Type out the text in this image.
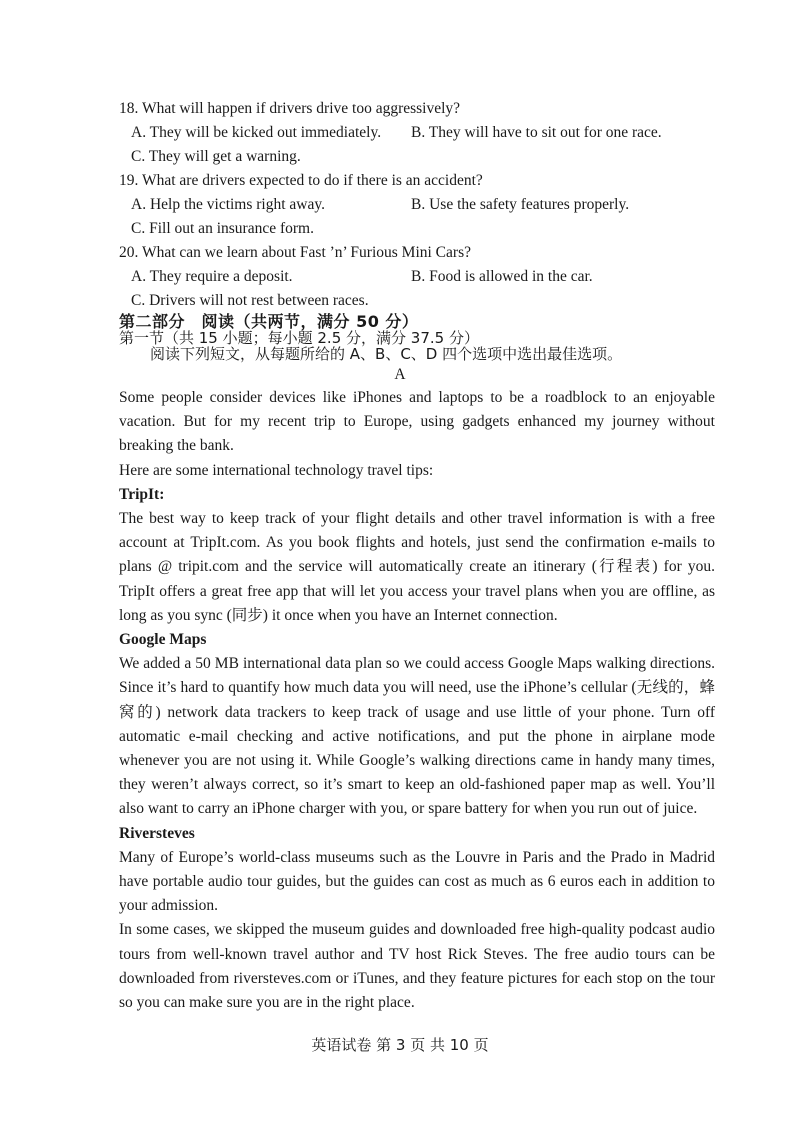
18. What will happen if drivers drive too aggressively?
A. They will be kicked out immediately. B. They will have to sit out for one race.
C. They will get a warning.
19. What are drivers expected to do if there is an accident?
A. Help the victims right away.	B. Use the safety features properly.
C. Fill out an insurance form.
20. What can we learn about Fast ’n’ Furious Mini Cars?
A. They require a deposit.	B. Food is allowed in the car.
C. Drivers will not rest between races.
第二部分　阅读（共两节，满分 50 分）
第一节（共 15 小题；每小题 2.5 分，满分 37.5 分）
阅读下列短文，从每题所给的 A、B、C、D 四个选项中选出最佳选项。
A

Some people consider devices like iPhones and laptops to be a roadblock to an enjoyable vacation. But for my recent trip to Europe, using gadgets enhanced my journey without breaking the bank.

Here are some international technology travel tips:

TripIt:

The best way to keep track of your flight details and other travel information is with a free account at TripIt.com. As you book flights and hotels, just send the confirmation e-mails to plans @ tripit.com and the service will automatically create an itinerary (行程表) for you. TripIt offers a great free app that will let you access your travel plans when you are offline, as long as you sync (同步) it once when you have an Internet connection.

Google Maps

We added a 50 MB international data plan so we could access Google Maps walking directions. Since it’s hard to quantify how much data you will need, use the iPhone’s cellular (无线的，蜂窝的) network data trackers to keep track of usage and use little of your phone. Turn off automatic e-mail checking and active notifications, and put the phone in airplane mode whenever you are not using it. While Google’s walking directions came in handy many times, they weren’t always correct, so it’s smart to keep an old-fashioned paper map as well. You’ll also want to carry an iPhone charger with you, or spare battery for when you run out of juice.

Riversteves

Many of Europe’s world-class museums such as the Louvre in Paris and the Prado in Madrid have portable audio tour guides, but the guides can cost as much as 6 euros each in addition to your admission.

In some cases, we skipped the museum guides and downloaded free high-quality podcast audio tours from well-known travel author and TV host Rick Steves. The free audio tours can be downloaded from riversteves.com or iTunes, and they feature pictures for each stop on the tour so you can make sure you are in the right place.

英语试卷 第 3 页 共 10 页
